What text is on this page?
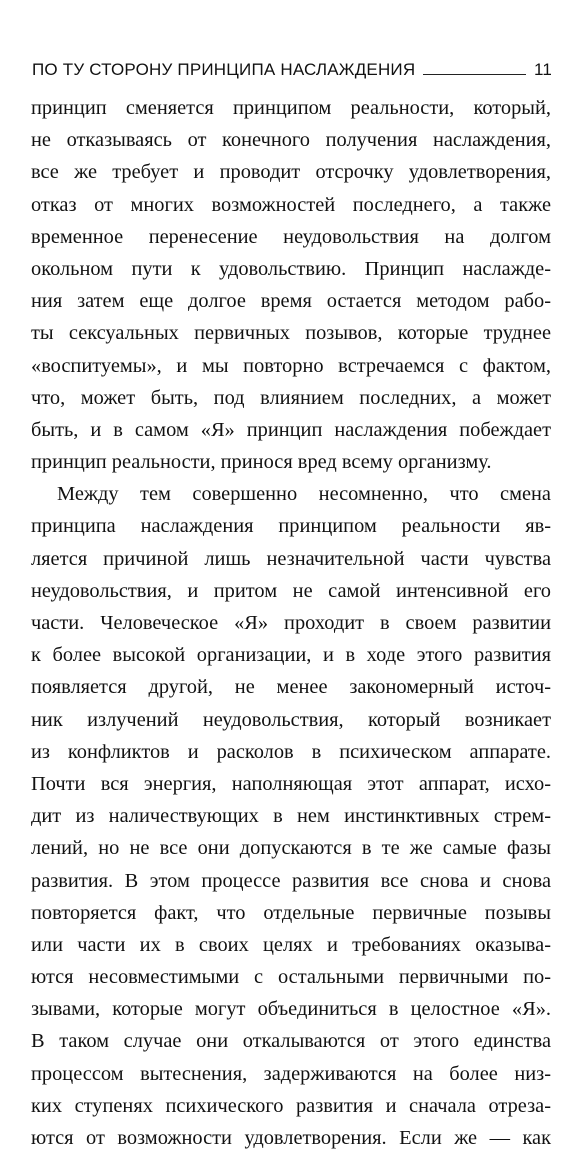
ПО ТУ СТОРОНУ ПРИНЦИПА НАСЛАЖДЕНИЯ	11
принцип сменяется принципом реальности, который,
не отказываясь от конечного получения наслаждения,
все же требует и проводит отсрочку удовлетворения,
отказ от многих возможностей последнего, а также
временное перенесение неудовольствия на долгом
окольном пути к удовольствию. Принцип наслажде-
ния затем еще долгое время остается методом рабо-
ты сексуальных первичных позывов, которые труднее
«воспитуемы», и мы повторно встречаемся с фактом,
что, может быть, под влиянием последних, а может
быть, и в самом «Я» принцип наслаждения побеждает
принцип реальности, принося вред всему организму.
Между тем совершенно несомненно, что смена
принципа наслаждения принципом реальности яв-
ляется причиной лишь незначительной части чувства
неудовольствия, и притом не самой интенсивной его
части. Человеческое «Я» проходит в своем развитии
к более высокой организации, и в ходе этого развития
появляется другой, не менее закономерный источ-
ник излучений неудовольствия, который возникает
из конфликтов и расколов в психическом аппарате.
Почти вся энергия, наполняющая этот аппарат, исхо-
дит из наличествующих в нем инстинктивных стрем-
лений, но не все они допускаются в те же самые фазы
развития. В этом процессе развития все снова и снова
повторяется факт, что отдельные первичные позывы
или части их в своих целях и требованиях оказыва-
ются несовместимыми с остальными первичными по-
зывами, которые могут объединиться в целостное «Я».
В таком случае они откалываются от этого единства
процессом вытеснения, задерживаются на более низ-
ких ступенях психического развития и сначала отреза-
ются от возможности удовлетворения. Если же — как
